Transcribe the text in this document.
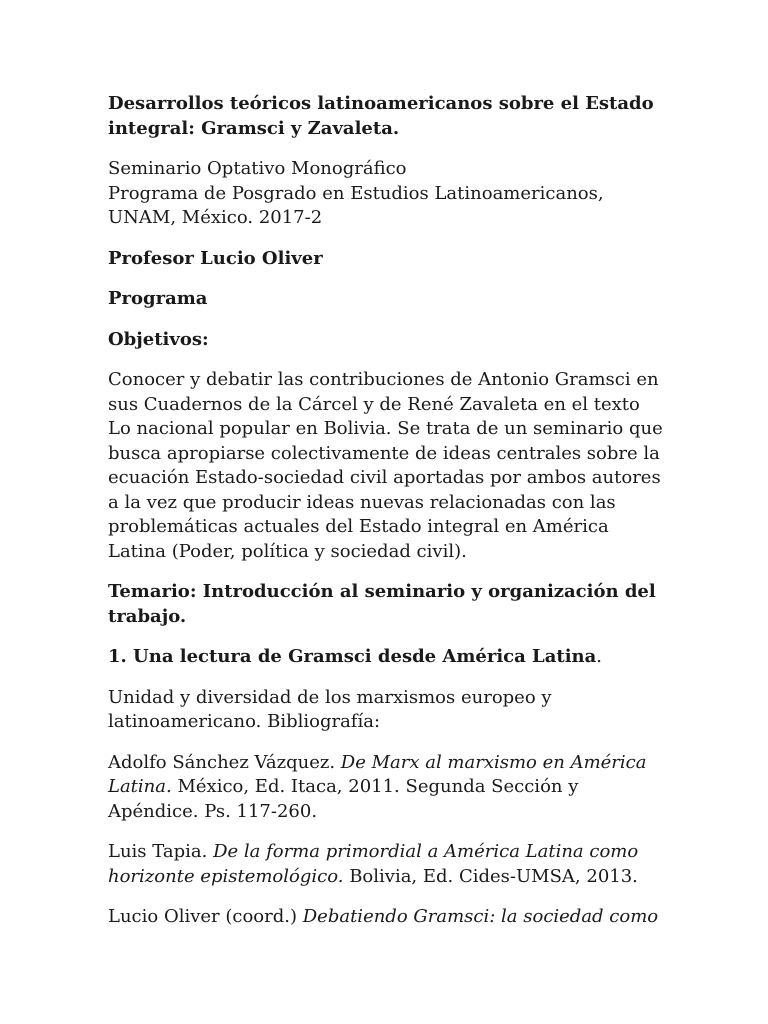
Desarrollos teóricos latinoamericanos sobre el Estado integral: Gramsci y Zavaleta.

Seminario Optativo Monográfico
Programa de Posgrado en Estudios Latinoamericanos, UNAM, México. 2017-2

Profesor Lucio Oliver

Programa

Objetivos:

Conocer y debatir las contribuciones de Antonio Gramsci en sus Cuadernos de la Cárcel y de René Zavaleta en el texto Lo nacional popular en Bolivia. Se trata de un seminario que busca apropiarse colectivamente de ideas centrales sobre la ecuación Estado-sociedad civil aportadas por ambos autores a la vez que producir ideas nuevas relacionadas con las problemáticas actuales del Estado integral en América Latina (Poder, política y sociedad civil).

Temario: Introducción al seminario y organización del trabajo.

1. Una lectura de Gramsci desde América Latina.

Unidad y diversidad de los marxismos europeo y latinoamericano. Bibliografía:

Adolfo Sánchez Vázquez. De Marx al marxismo en América Latina. México, Ed. Itaca, 2011. Segunda Sección y Apéndice. Ps. 117-260.

Luis Tapia. De la forma primordial a América Latina como horizonte epistemológico. Bolivia, Ed. Cides-UMSA, 2013.

Lucio Oliver (coord.) Debatiendo Gramsci: la sociedad como
